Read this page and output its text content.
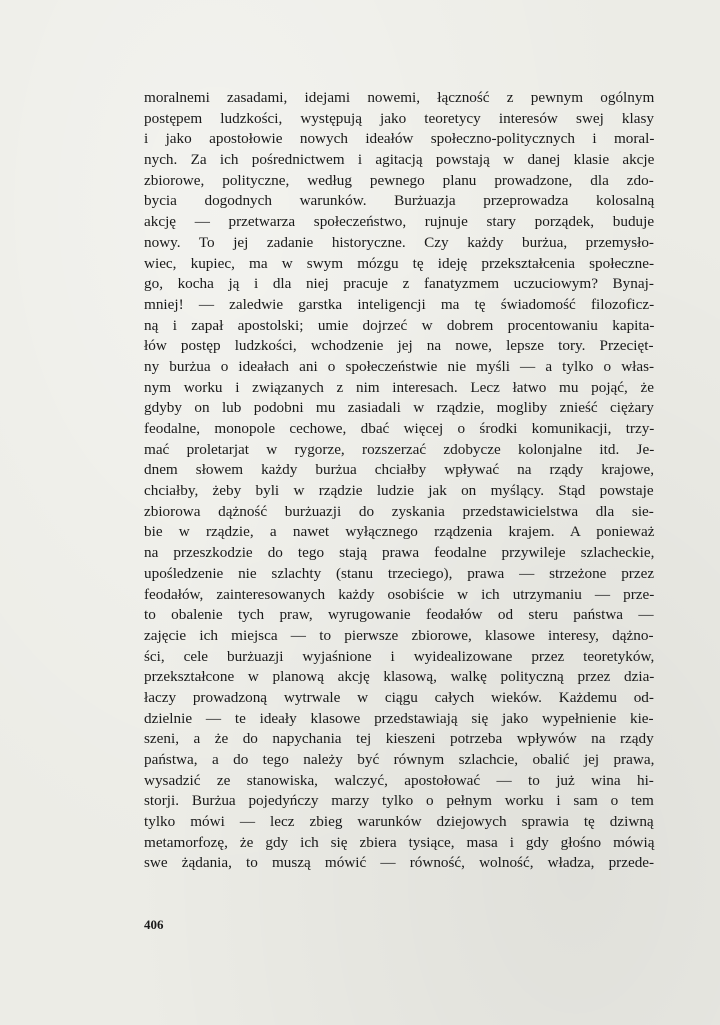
moralnemi zasadami, idejami nowemi, łączność z pewnym ogólnym
postępem ludzkości, występują jako teoretycy interesów swej klasy
i jako apostołowie nowych ideałów społeczno-politycznych i moral-
nych. Za ich pośrednictwem i agitacją powstają w danej klasie akcje
zbiorowe, polityczne, według pewnego planu prowadzone, dla zdo-
bycia dogodnych warunków. Burżuazja przeprowadza kolosalną
akcję — przetwarza społeczeństwo, rujnuje stary porządek, buduje
nowy. To jej zadanie historyczne. Czy każdy burżua, przemysło-
wiec, kupiec, ma w swym mózgu tę ideję przekształcenia społeczne-
go, kocha ją i dla niej pracuje z fanatyzmem uczuciowym? Bynaj-
mniej! — zaledwie garstka inteligencji ma tę świadomość filozoficz-
ną i zapał apostolski; umie dojrzeć w dobrem procentowaniu kapita-
łów postęp ludzkości, wchodzenie jej na nowe, lepsze tory. Przecięt-
ny burżua o ideałach ani o społeczeństwie nie myśli — a tylko o włas-
nym worku i związanych z nim interesach. Lecz łatwo mu pojąć, że
gdyby on lub podobni mu zasiadali w rządzie, mogliby znieść ciężary
feodalne, monopole cechowe, dbać więcej o środki komunikacji, trzy-
mać proletarjat w rygorze, rozszerzać zdobycze kolonjalne itd. Je-
dnem słowem każdy burżua chciałby wpływać na rządy krajowe,
chciałby, żeby byli w rządzie ludzie jak on myślący. Stąd powstaje
zbiorowa dążność burżuazji do zyskania przedstawicielstwa dla sie-
bie w rządzie, a nawet wyłącznego rządzenia krajem. A ponieważ
na przeszkodzie do tego stają prawa feodalne przywileje szlacheckie,
upośledzenie nie szlachty (stanu trzeciego), prawa — strzeżone przez
feodałów, zainteresowanych każdy osobiście w ich utrzymaniu — prze-
to obalenie tych praw, wyrugowanie feodałów od steru państwa —
zajęcie ich miejsca — to pierwsze zbiorowe, klasowe interesy, dążno-
ści, cele burżuazji wyjaśnione i wyidealizowane przez teoretyków,
przekształcone w planową akcję klasową, walkę polityczną przez dzia-
łaczy prowadzoną wytrwale w ciągu całych wieków. Każdemu od-
dzielnie — te ideały klasowe przedstawiają się jako wypełnienie kie-
szeni, a że do napychania tej kieszeni potrzeba wpływów na rządy
państwa, a do tego należy być równym szlachcie, obalić jej prawa,
wysadzić ze stanowiska, walczyć, apostołować — to już wina hi-
storji. Burżua pojedyńczy marzy tylko o pełnym worku i sam o tem
tylko mówi — lecz zbieg warunków dziejowych sprawia tę dziwną
metamorfozę, że gdy ich się zbiera tysiące, masa i gdy głośno mówią
swe żądania, to muszą mówić — równość, wolność, władza, przede-
406
